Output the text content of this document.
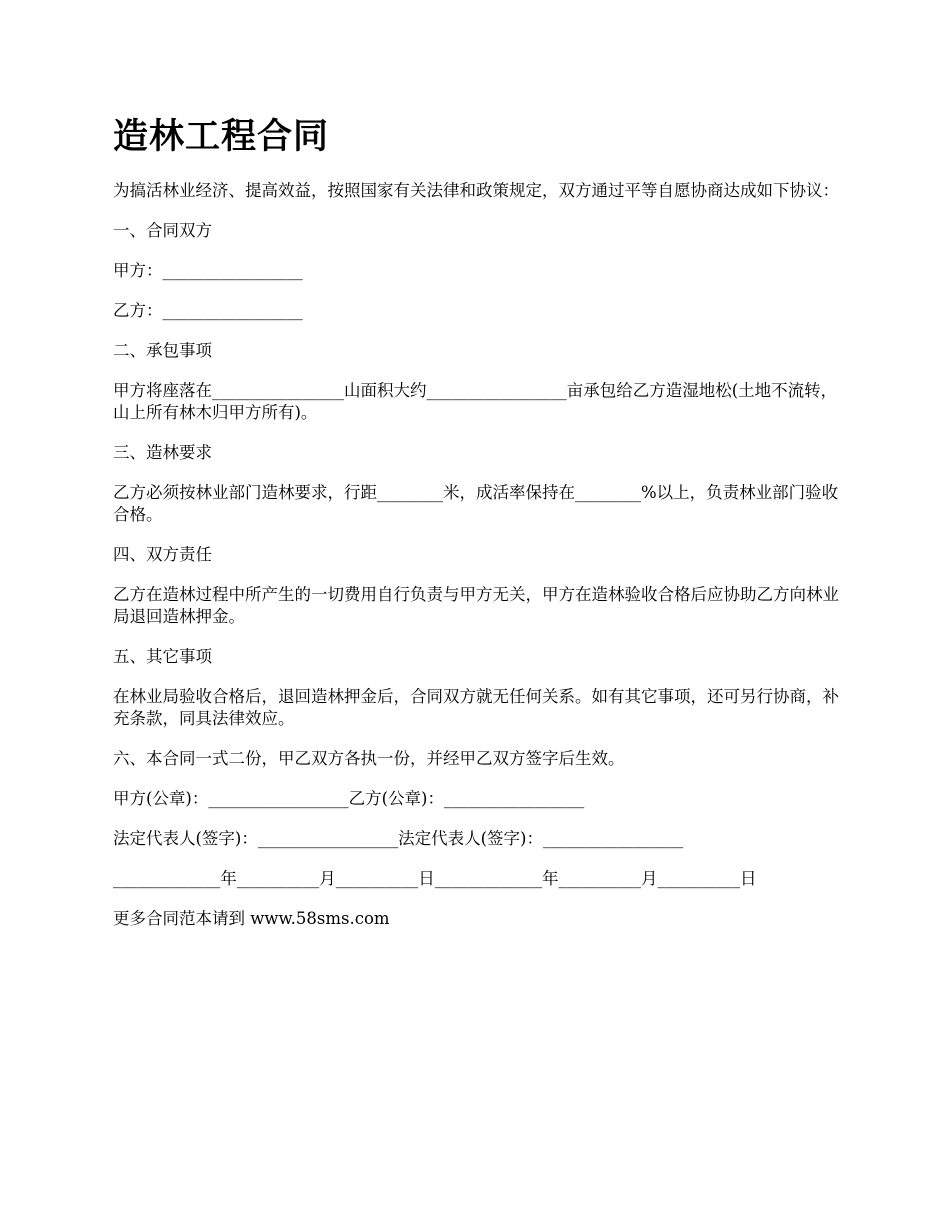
造林工程合同

为搞活林业经济、提高效益，按照国家有关法律和政策规定，双方通过平等自愿协商达成如下协议：

一、合同双方

甲方：_________________

乙方：_________________

二、承包事项

甲方将座落在________________山面积大约_________________亩承包给乙方造湿地松(土地不流转，山上所有林木归甲方所有)。

三、造林要求

乙方必须按林业部门造林要求，行距________米，成活率保持在________%以上，负责林业部门验收合格。

四、双方责任

乙方在造林过程中所产生的一切费用自行负责与甲方无关，甲方在造林验收合格后应协助乙方向林业局退回造林押金。

五、其它事项

在林业局验收合格后，退回造林押金后，合同双方就无任何关系。如有其它事项，还可另行协商，补充条款，同具法律效应。

六、本合同一式二份，甲乙双方各执一份，并经甲乙双方签字后生效。

甲方(公章)：_________________乙方(公章)：_________________

法定代表人(签字)：_________________法定代表人(签字)：_________________

_____________年__________月__________日_____________年__________月__________日

更多合同范本请到 www.58sms.com
